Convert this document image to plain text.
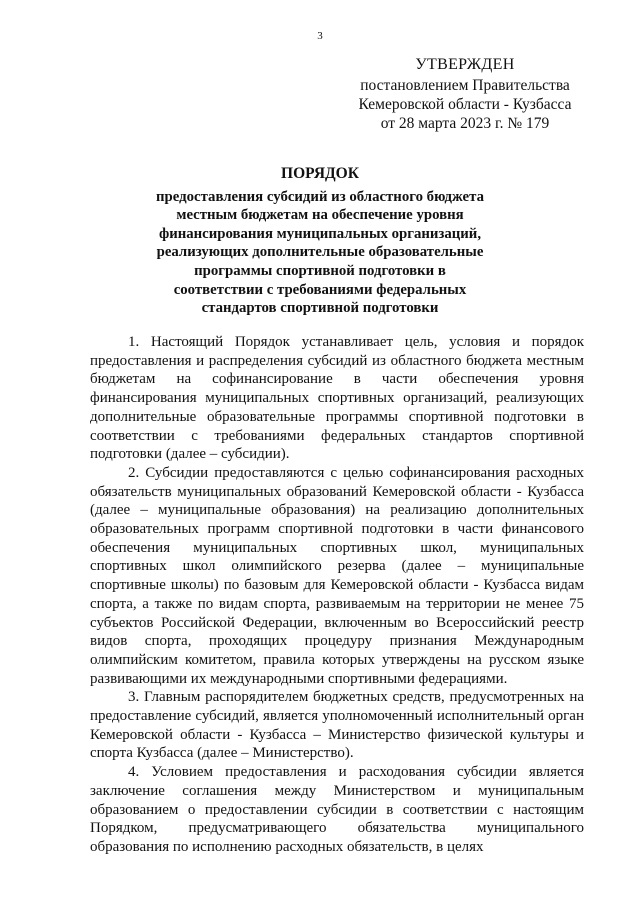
3
УТВЕРЖДЕН
постановлением Правительства
Кемеровской области - Кузбасса
от 28 марта 2023 г. № 179
ПОРЯДОК
предоставления субсидий из областного бюджета местным бюджетам на обеспечение уровня финансирования муниципальных организаций, реализующих дополнительные образовательные программы спортивной подготовки в соответствии с требованиями федеральных стандартов спортивной подготовки

1. Настоящий Порядок устанавливает цель, условия и порядок предоставления и распределения субсидий из областного бюджета местным бюджетам на софинансирование в части обеспечения уровня финансирования муниципальных спортивных организаций, реализующих дополнительные образовательные программы спортивной подготовки в соответствии с требованиями федеральных стандартов спортивной подготовки (далее – субсидии).

2. Субсидии предоставляются с целью софинансирования расходных обязательств муниципальных образований Кемеровской области - Кузбасса (далее – муниципальные образования) на реализацию дополнительных образовательных программ спортивной подготовки в части финансового обеспечения муниципальных спортивных школ, муниципальных спортивных школ олимпийского резерва (далее – муниципальные спортивные школы) по базовым для Кемеровской области - Кузбасса видам спорта, а также по видам спорта, развиваемым на территории не менее 75 субъектов Российской Федерации, включенным во Всероссийский реестр видов спорта, проходящих процедуру признания Международным олимпийским комитетом, правила которых утверждены на русском языке развивающими их международными спортивными федерациями.

3. Главным распорядителем бюджетных средств, предусмотренных на предоставление субсидий, является уполномоченный исполнительный орган Кемеровской области - Кузбасса – Министерство физической культуры и спорта Кузбасса (далее – Министерство).

4. Условием предоставления и расходования субсидии является заключение соглашения между Министерством и муниципальным образованием о предоставлении субсидии в соответствии с настоящим Порядком, предусматривающего обязательства муниципального образования по исполнению расходных обязательств, в целях
